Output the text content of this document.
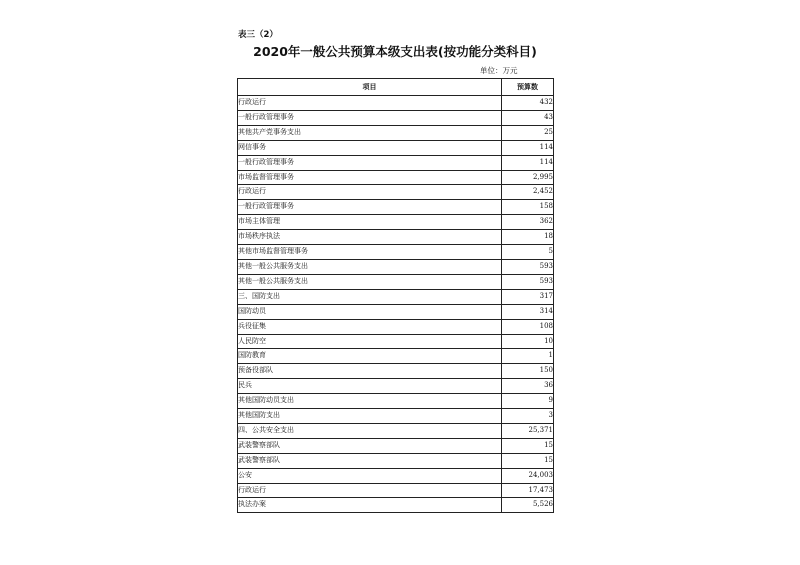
表三（2）
2020年一般公共预算本级支出表(按功能分类科目)
单位：万元
项目	预算数
行政运行	432
一般行政管理事务	43
其他共产党事务支出	25
网信事务	114
一般行政管理事务	114
市场监督管理事务	2,995
行政运行	2,452
一般行政管理事务	158
市场主体管理	362
市场秩序执法	18
其他市场监督管理事务	5
其他一般公共服务支出	593
其他一般公共服务支出	593
三、国防支出	317
国防动员	314
兵役征集	108
人民防空	10
国防教育	1
预备役部队	150
民兵	36
其他国防动员支出	9
其他国防支出	3
四、公共安全支出	25,371
武装警察部队	15
武装警察部队	15
公安	24,003
行政运行	17,473
执法办案	5,526
